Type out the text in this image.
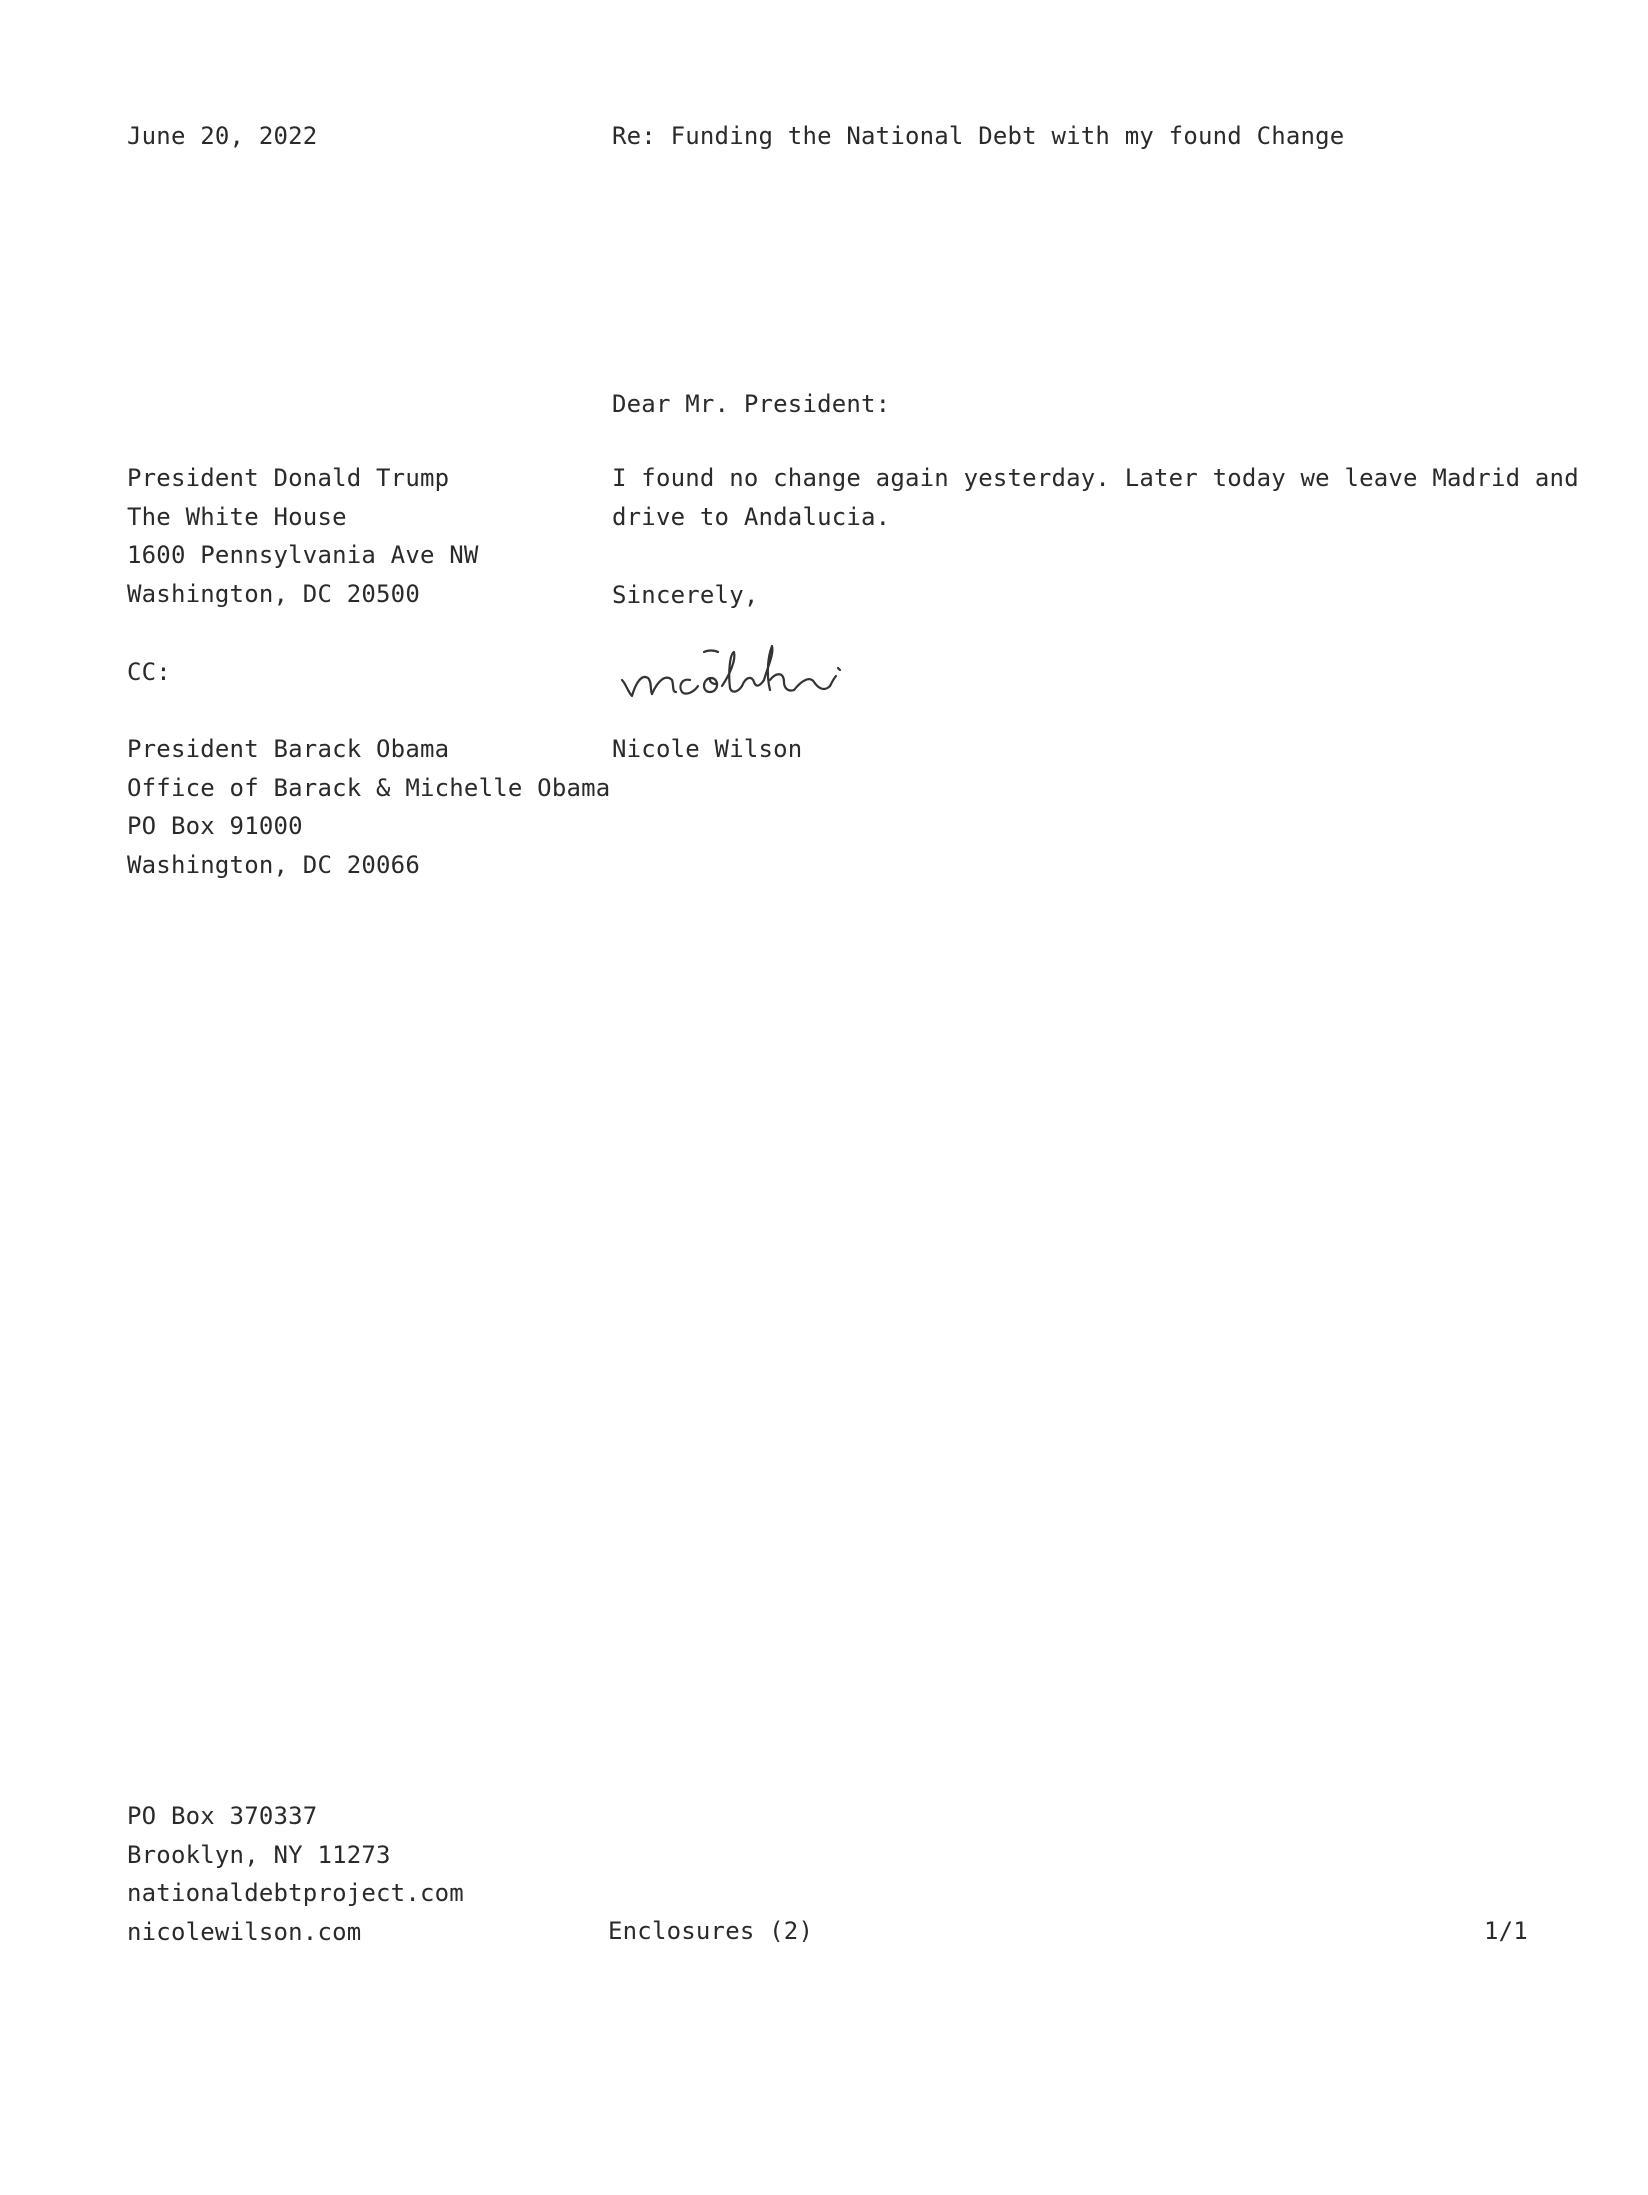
June 20, 2022	Re: Funding the National Debt with my found Change
Dear Mr. President:
President Donald Trump
The White House
1600 Pennsylvania Ave NW
Washington, DC 20500
I found no change again yesterday. Later today we leave Madrid and
drive to Andalucia.
Sincerely,
CC:
Nicole Wilson
President Barack Obama
Office of Barack & Michelle Obama
PO Box 91000
Washington, DC 20066
PO Box 370337
Brooklyn, NY 11273
nationaldebtproject.com
nicolewilson.com	Enclosures (2)	1/1
